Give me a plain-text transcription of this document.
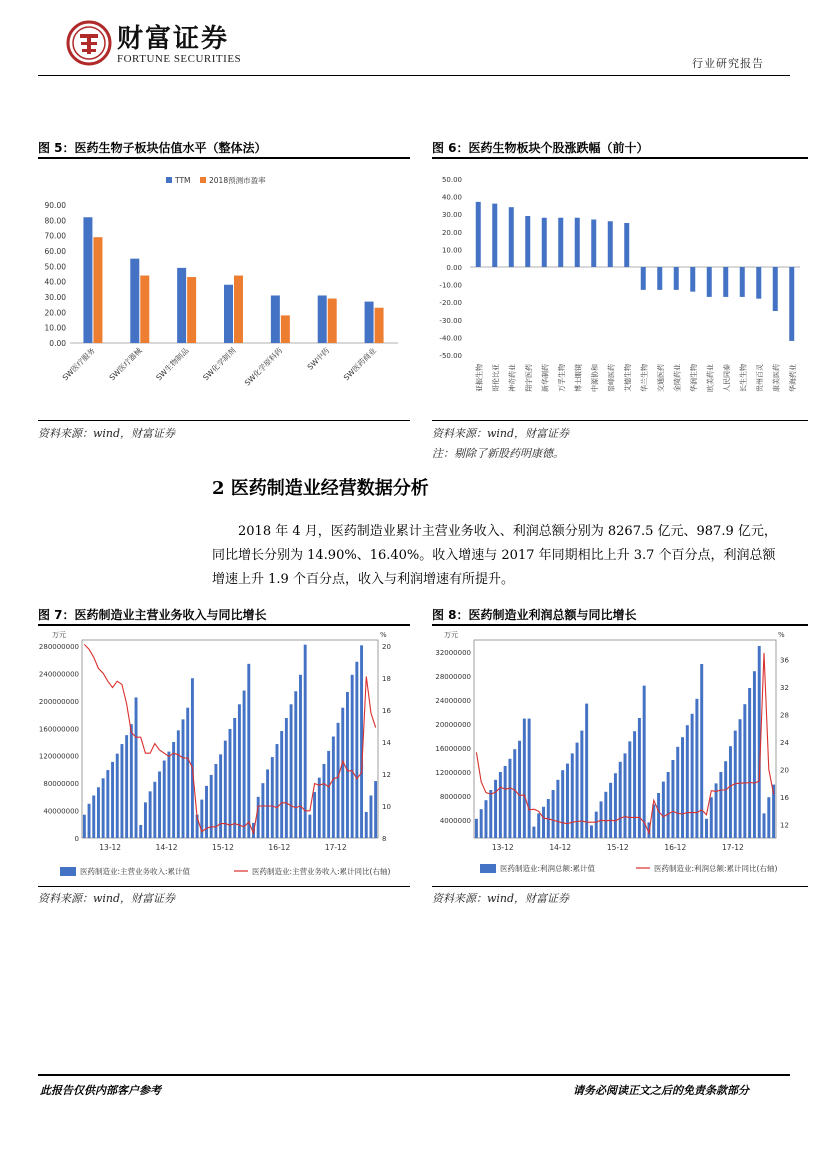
财富证券
FORTUNE SECURITIES	行业研究报告
图 5：医药生物子板块估值水平（整体法）
0.00
10.00
20.00
30.00
40.00
50.00
60.00
70.00
80.00
90.00
SW医疗服务 SW医疗器械 SW生物制品 SW化学制剂 SW化学原料药	SW中药 SW医药商业
TTM 2018预测市盈率
资料来源：wind，财富证券
图 6：医药生物板块个股涨跌幅（前十）
50.00
40.00
30.00
20.00
10.00
0.00
-10.00
-20.00
-30.00
-40.00
-50.00
亚振生物 哥伦比亚 神奇药业 翔宇医药 新华制药 万孚生物 博士眼镜 中源协和 景峰医药 艾德生物 华兰生物 交通医药 金陵药业 华润生物 欧美药业 人民同泰 长生生物 贵州百灵 康美医药 华海药业
资料来源：wind，财富证券
注：剔除了新股药明康德。
2 医药制造业经营数据分析
2018 年 4 月，医药制造业累计主营业务收入、利润总额分别为 8267.5 亿元、987.9 亿元，同比增长分别为 14.90%、16.40%。收入增速与 2017 年同期相比上升 3.7 个百分点，利润总额增速上升 1.9 个百分点，收入与利润增速有所提升。
图 7：医药制造业主营业务收入与同比增长
万元	%
0
40000000
80000000
120000000
160000000
200000000
240000000
280000000
8
10
12
14
16
18
20
13-12	14-12	15-12	16-12	17-12
医药制造业:主营业务收入:累计值	医药制造业:主营业务收入:累计同比(右轴)
资料来源：wind，财富证券
图 8：医药制造业利润总额与同比增长
万元	%
4000000
8000000
12000000
16000000
20000000
24000000
28000000
32000000
12
16
20
24
28
32
36
13-12	14-12	15-12	16-12	17-12
医药制造业:利润总额:累计值	医药制造业:利润总额:累计同比(右轴)
资料来源：wind，财富证券
此报告仅供内部客户参考	请务必阅读正文之后的免责条款部分
